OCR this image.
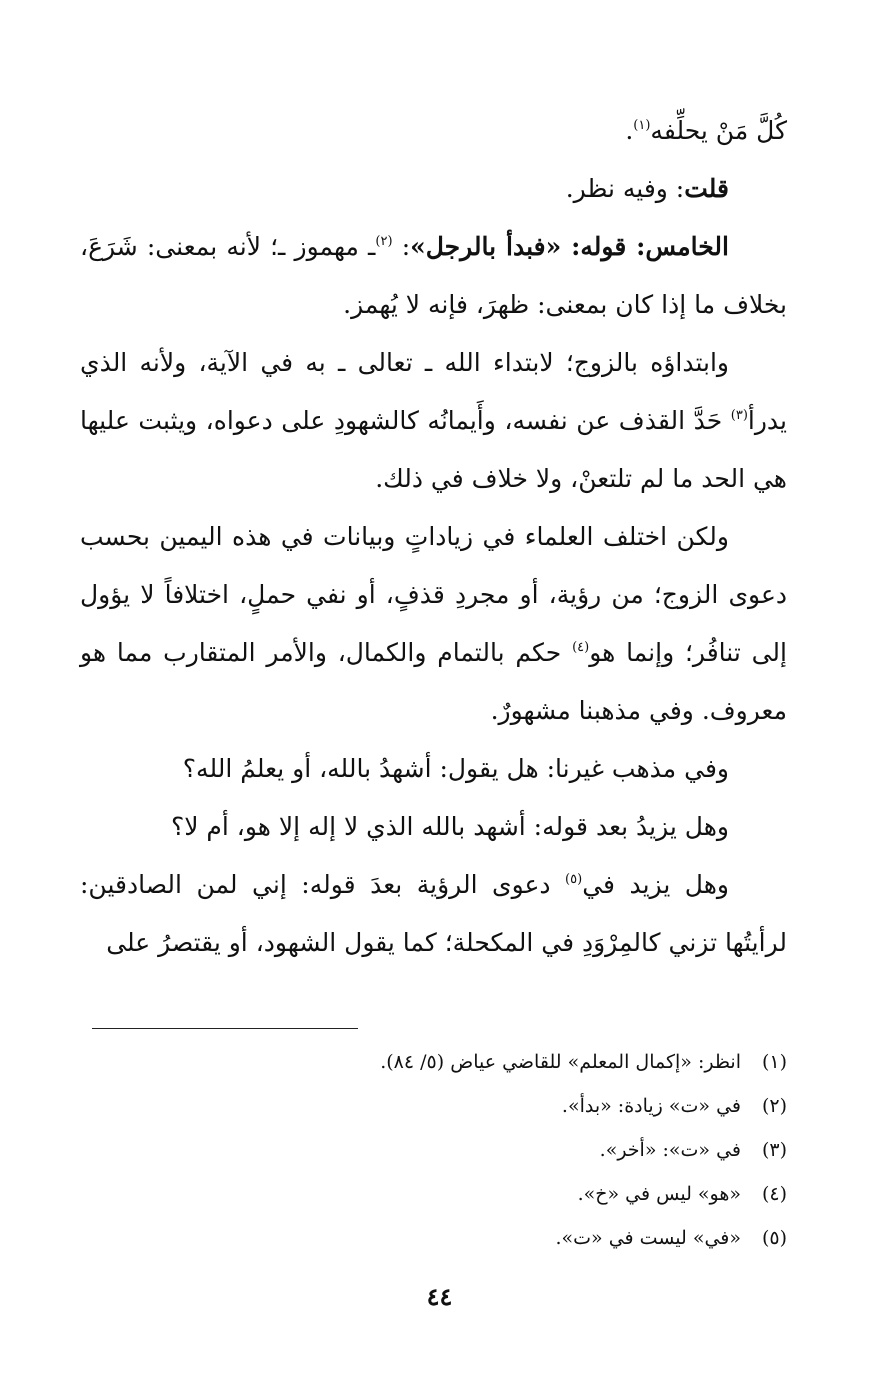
كُلَّ مَنْ يحلِّفه$^{(١)}$.

قلت: وفيه نظر.

الخامس: قوله: «فبدأ بالرجل»: $^{(٢)}$ـ مهموز ـ؛ لأنه بمعنى: شَرَعَ، بخلاف ما إذا كان بمعنى: ظهرَ، فإنه لا يُهمز.

وابتداؤه بالزوج؛ لابتداء الله ـ تعالى ـ به في الآية، ولأنه الذي يدرأ$^{(٣)}$ حَدَّ القذف عن نفسه، وأَيمانُه كالشهودِ على دعواه، ويثبت عليها هي الحد ما لم تلتعنْ، ولا خلاف في ذلك.

ولكن اختلف العلماء في زياداتٍ وبيانات في هذه اليمين بحسب دعوى الزوج؛ من رؤية، أو مجردِ قذفٍ، أو نفي حملٍ، اختلافاً لا يؤول إلى تنافُر؛ وإنما هو$^{(٤)}$ حكم بالتمام والكمال، والأمر المتقارب مما هو معروف. وفي مذهبنا مشهورٌ.

وفي مذهب غيرنا: هل يقول: أشهدُ بالله، أو يعلمُ الله؟

وهل يزيدُ بعد قوله: أشهد بالله الذي لا إله إلا هو، أم لا؟

وهل يزيد في$^{(٥)}$ دعوى الرؤية بعدَ قوله: إني لمن الصادقين: لرأيتُها تزني كالمِرْوَدِ في المكحلة؛ كما يقول الشهود، أو يقتصرُ على

(١)
انظر: «إكمال المعلم» للقاضي عياض (٥/ ٨٤).
(٢)
في «ت» زيادة: «بدأ».
(٣)
في «ت»: «أخر».
(٤)
«هو» ليس في «خ».
(٥)
«في» ليست في «ت».
٤٤
